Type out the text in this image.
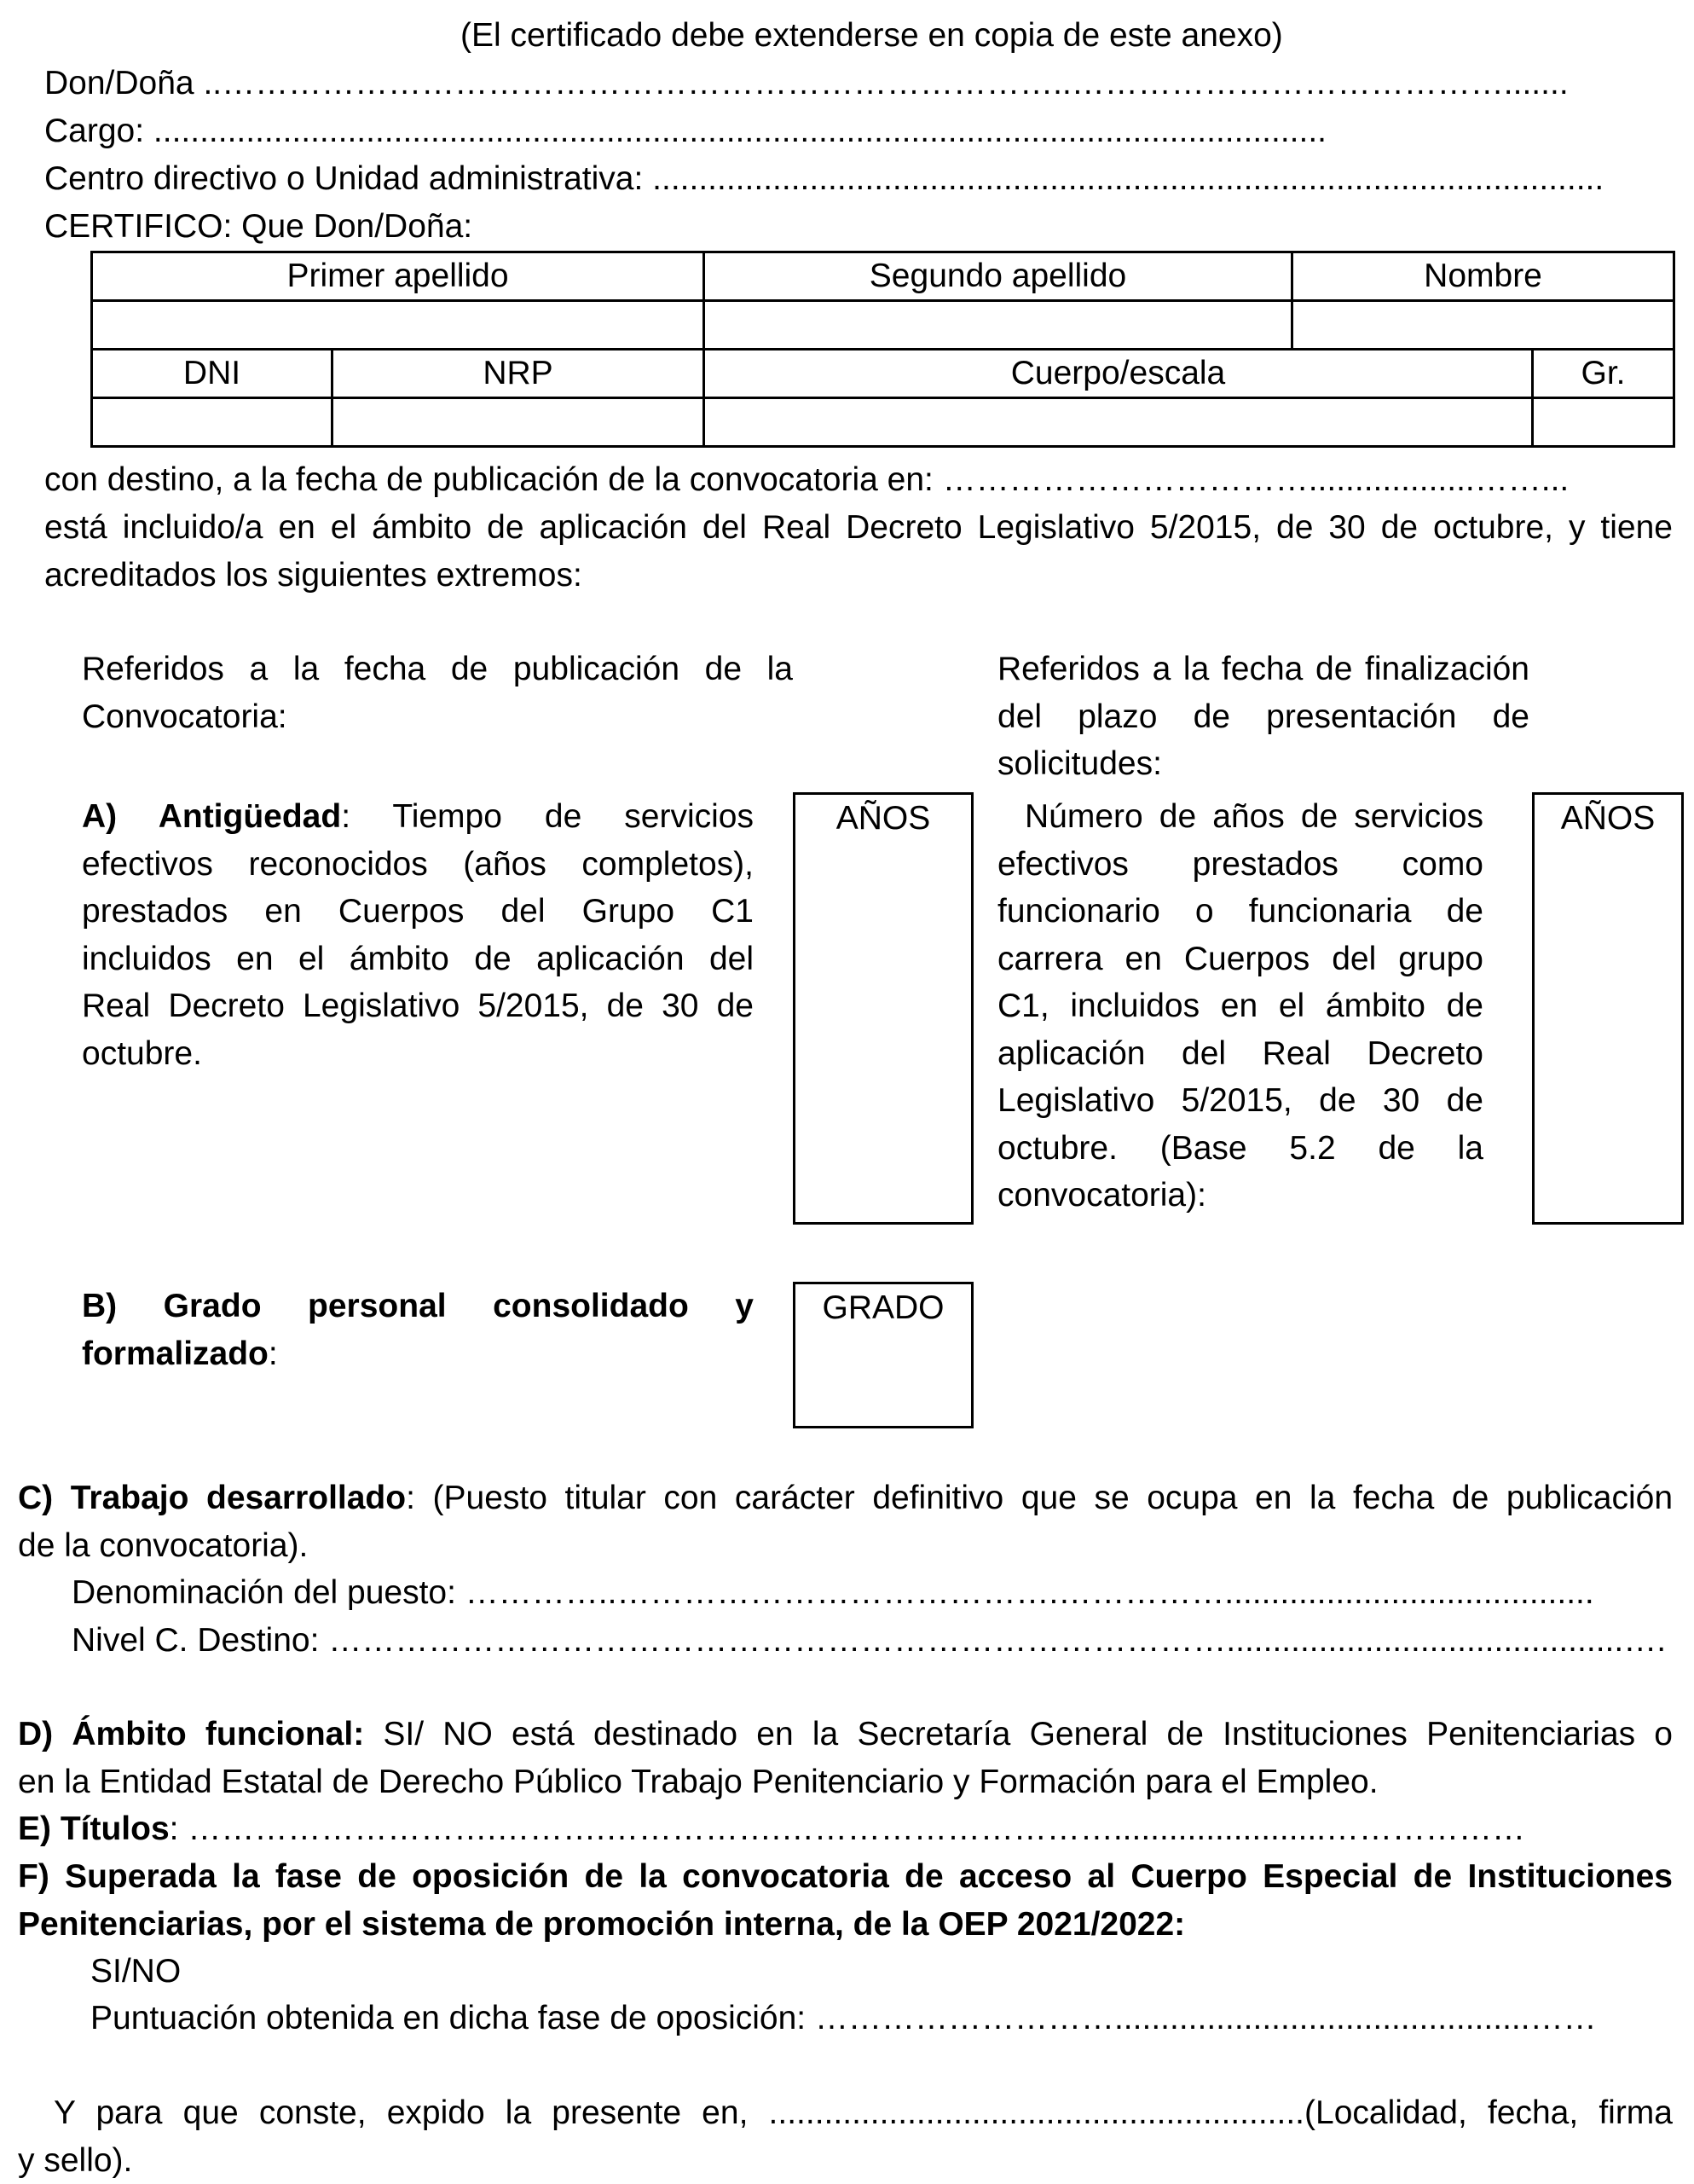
(El certificado debe extenderse en copia de este anexo)
Don/Doña ..…………………………………………………………………..………………………………….......
Cargo: ...............................................................................................................................
Centro directivo o Unidad administrativa: .......................................................................................................
CERTIFICO: Que Don/Doña:
Primer apellido		Segundo apellido	Nombre	

DNI	NRP	Cuerpo/escala		Gr.

con destino, a la fecha de publicación de la convocatoria en: ……………………………..................……...
está incluido/a en el ámbito de aplicación del Real Decreto Legislativo 5/2015, de 30 de octubre, y tiene
acreditados los siguientes extremos:
Referidos a la fecha de publicación de la
Convocatoria:
Referidos a la fecha de finalización
del plazo de presentación de
solicitudes:
A) Antigüedad: Tiempo de servicios
efectivos reconocidos (años completos),
prestados en Cuerpos del Grupo C1
incluidos en el ámbito de aplicación del
Real Decreto Legislativo 5/2015, de 30 de
octubre.
AÑOS	Número de años de servicios
efectivos prestados como
funcionario o funcionaria de
carrera en Cuerpos del grupo
C1, incluidos en el ámbito de
aplicación del Real Decreto
Legislativo 5/2015, de 30 de
octubre. (Base 5.2 de la
convocatoria):
AÑOS
B) Grado personal consolidado y
formalizado:
GRADO
C) Trabajo desarrollado: (Puesto titular con carácter definitivo que se ocupa en la fecha de publicación
de la convocatoria).
Denominación del puesto: …………..………………………………….……………........................................
Nivel C. Destino: ………………………………………………………………………...........................................….
D) Ámbito funcional: SI/ NO está destinado en la Secretaría General de Instituciones Penitenciarias o
en la Entidad Estatal de Derecho Público Trabajo Penitenciario y Formación para el Empleo.
E) Títulos: ……………………….……….…………….………………………….......................………………
F) Superada la fase de oposición de la convocatoria de acceso al Cuerpo Especial de Instituciones
Penitenciarias, por el sistema de promoción interna, de la OEP 2021/2022:
SI/NO
Puntuación obtenida en dicha fase de oposición: ……………………….............................................……
Y para que conste, expido la presente en, ..........................................................(Localidad, fecha, firma
y sello).
